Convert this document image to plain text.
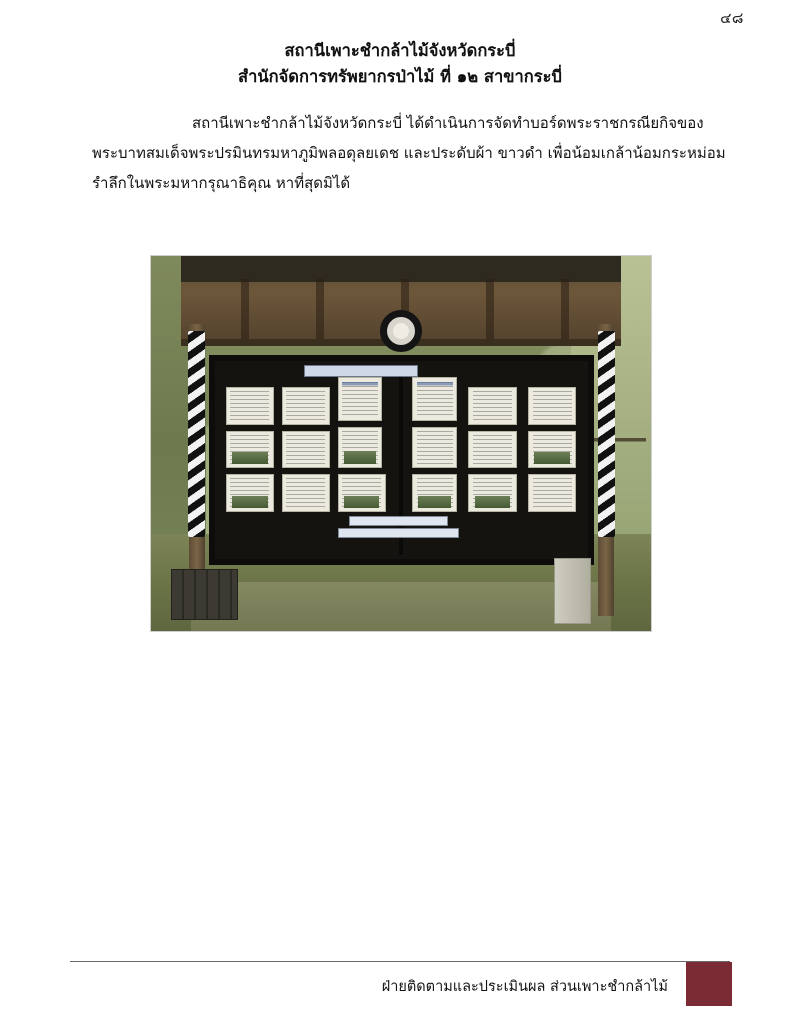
๔๘
สถานีเพาะชำกล้าไม้จังหวัดกระบี่
สำนักจัดการทรัพยากรป่าไม้ ที่ ๑๒ สาขากระบี่
สถานีเพาะชำกล้าไม้จังหวัดกระบี่ ได้ดำเนินการจัดทำบอร์ดพระราชกรณียกิจของ
พระบาทสมเด็จพระปรมินทรมหาภูมิพลอดุลยเดช และประดับผ้า ขาวดำ เพื่อน้อมเกล้าน้อมกระหม่อม
รำลึกในพระมหากรุณาธิคุณ หาที่สุดมิได้
ฝ่ายติดตามและประเมินผล ส่วนเพาะชำกล้าไม้
